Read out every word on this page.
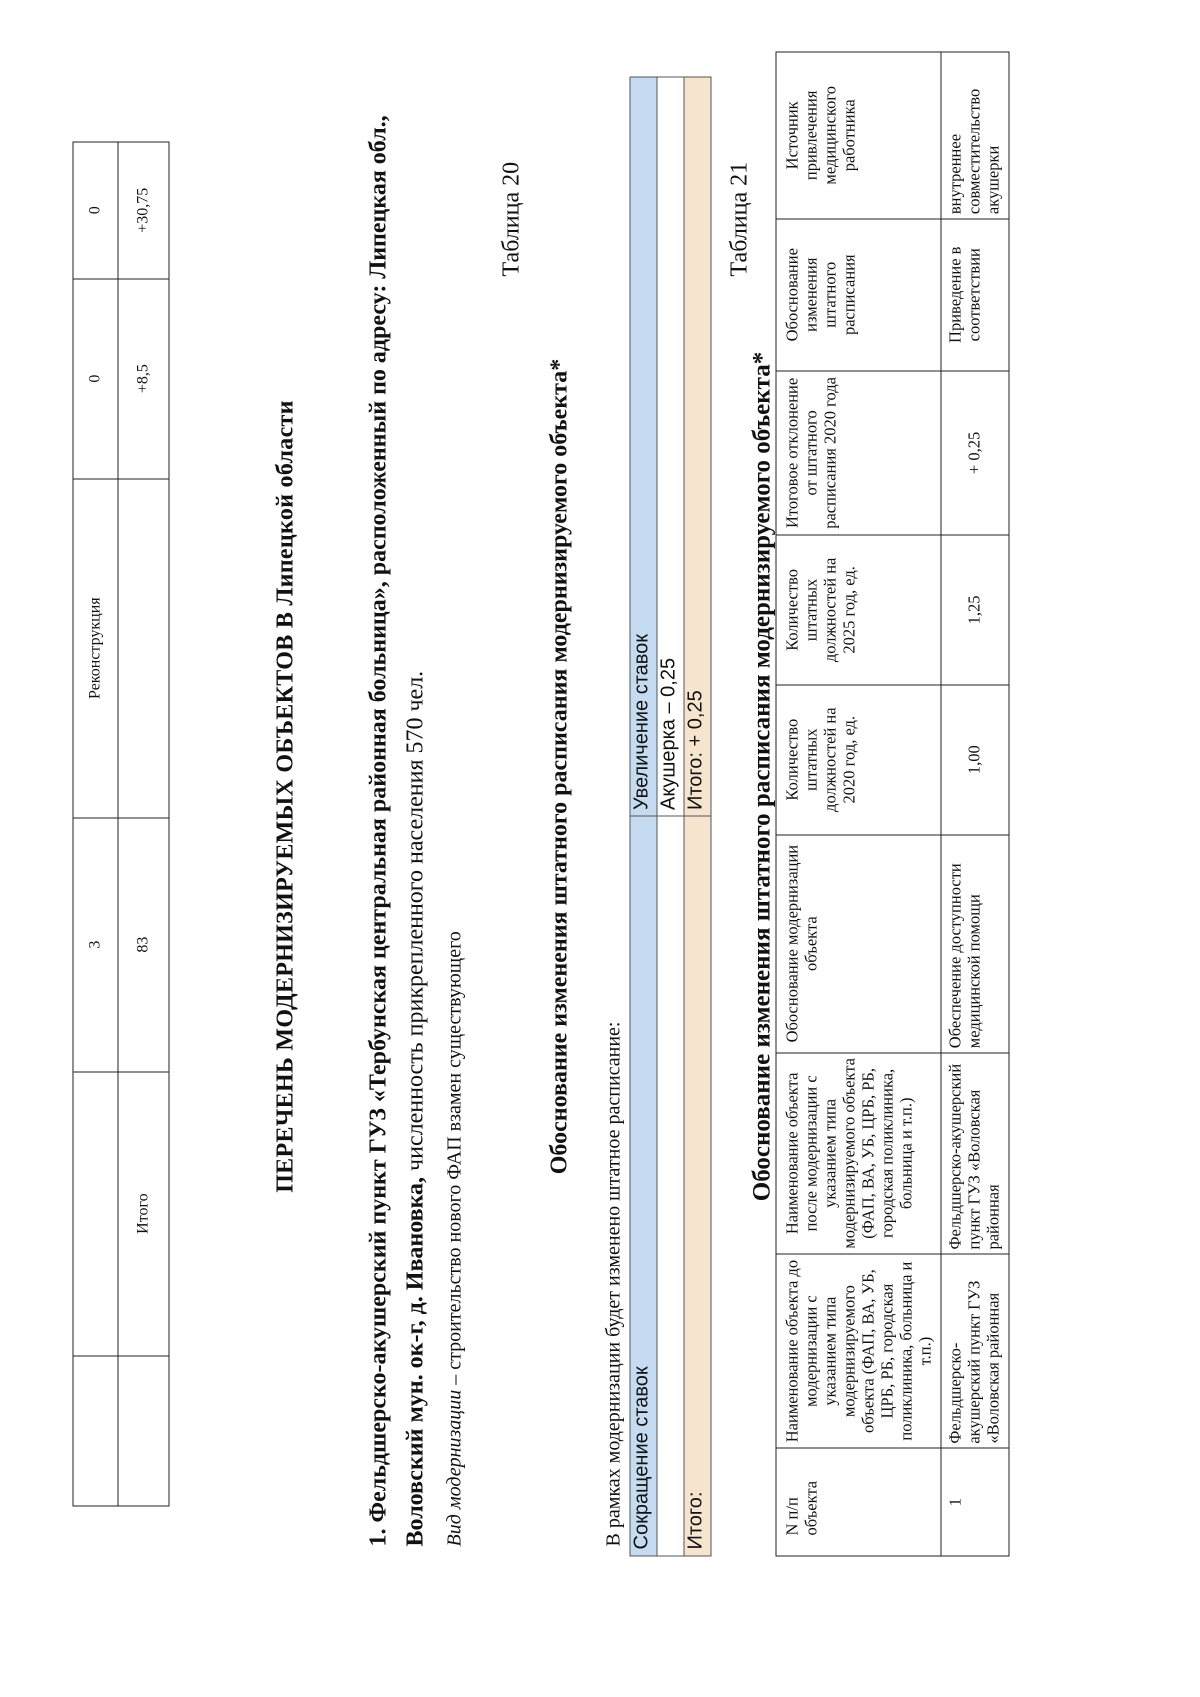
		3	Реконструкция	0	0
	Итого	83		+8,5	+30,75
ПЕРЕЧЕНЬ МОДЕРНИЗИРУЕМЫХ ОБЪЕКТОВ В Липецкой области	1. Фельдшерско-акушерский пункт ГУЗ «Тербунская центральная районная больница», расположенный по адресу: Липецкая обл., Воловский мун. ок-г, д. Ивановка, численность прикрепленного населения 570 чел.
Вид модернизации – строительство нового ФАП взамен существующего
Таблица 20
Обоснование изменения штатного расписания модернизируемого объекта*
В рамках модернизации будет изменено штатное расписание: Сокращение ставок	Увеличение ставок
	Акушерка – 0,25
Итого:	Итого: + 0,25
Таблица 21
Обоснование изменения штатного расписания модернизируемого объекта*
N п/п объекта	Наименование объекта до модернизации с указанием типа модернизируемого объекта (ФАП, ВА, УБ, ЦРБ, РБ, городская поликлиника, больница и т.п.)	Наименование объекта после модернизации с указанием типа модернизируемого объекта (ФАП, ВА, УБ, ЦРБ, РБ, городская поликлиника, больница и т.п.)	Обоснование модернизации объекта	Количество штатных должностей на 2020 год, ед.	Количество штатных должностей на 2025 год, ед.	Итоговое отклонение от штатного расписания 2020 года	Обоснование изменения штатного расписания	Источник привлечения медицинского работника
1	Фельдшерско-акушерский пункт ГУЗ «Воловская районная	Фельдшерско-акушерский пункт ГУЗ «Воловская районная	Обеспечение доступности медицинской помощи	1,00	1,25	+ 0,25	Приведение в соответствии	внутреннее совместительство акушерки
